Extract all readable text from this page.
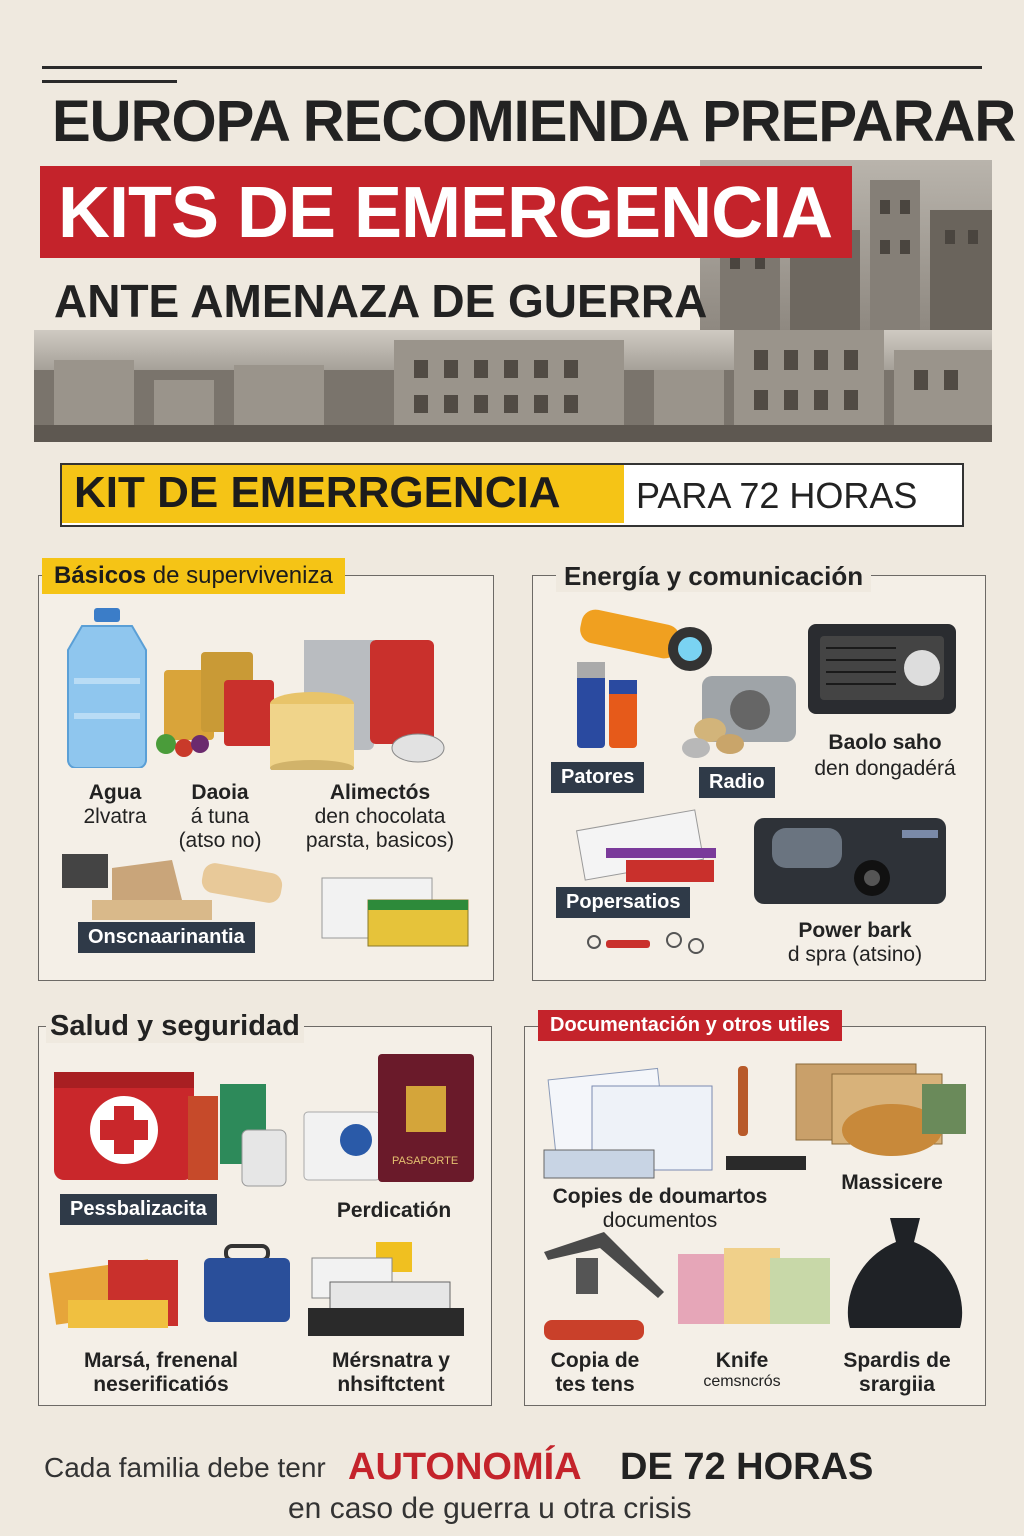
EUROPA RECOMIENDA PREPARAR
KITS DE EMERGENCIA
ANTE AMENAZA DE GUERRA
KIT DE EMERRGENCIA PARA 72 HORAS
Básicos de superviveniza
Agua
2lvatra
Daoia
á tuna
(atso no)
Alimectós
den chocolata
parsta, basicos)
Onscnaarinantia
Energía y comunicación
Patores	Radio
Baolo saho
den dongadérá
Popersatios
Power bark
d spra (atsino)
Salud y seguridad
PASAPORTE
Pessbalizacita	Perdicatión
Marsá, frenenal
neserificatiós
Mérsnatra y
nhsiftctent
Documentación y otros utiles
Copies de doumartos
documentos
Massicere
Copia de
tes tens
Knife
cemsncrós
Spardis de
srargiia
Cada familia debe tenr AUTONOMÍA DE 72 HORAS
en caso de guerra u otra crisis
